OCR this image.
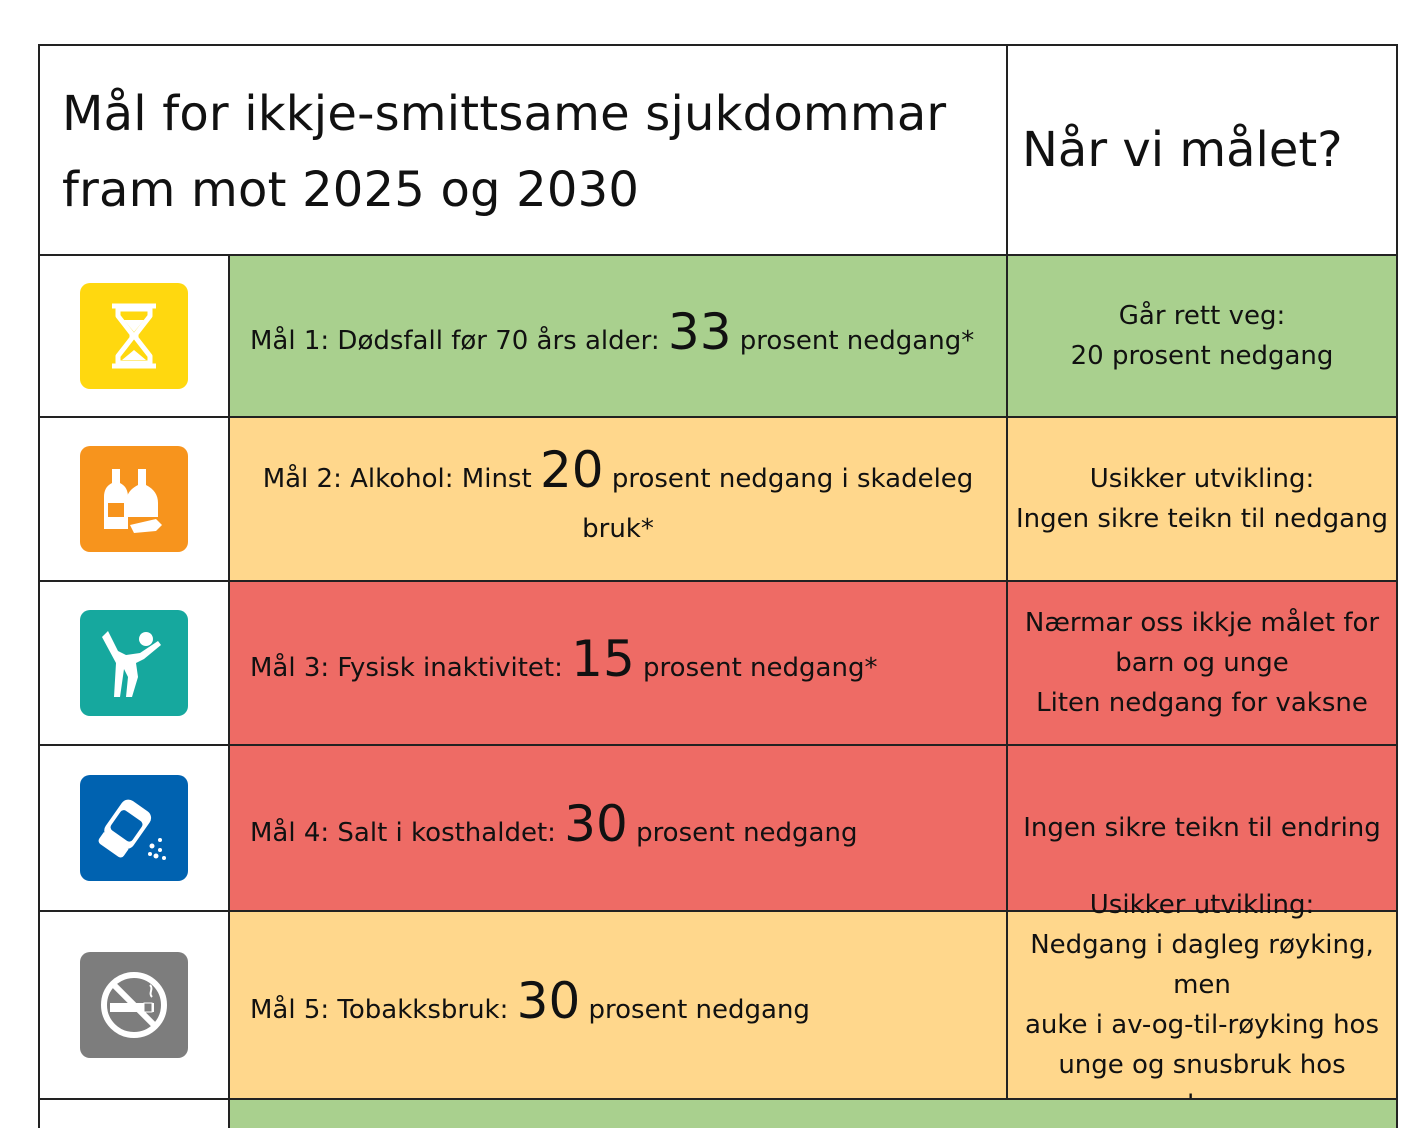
Mål for ikkje-smittsame sjukdommar
fram mot 2025 og 2030
Når vi målet?
Mål 1: Dødsfall før 70 års alder: 33 prosent nedgang*
Går rett veg:
20 prosent nedgang
Mål 2: Alkohol: Minst 20 prosent nedgang i skadeleg
bruk*
Usikker utvikling:
Ingen sikre teikn til nedgang
Mål 3: Fysisk inaktivitet: 15 prosent nedgang*
Nærmar oss ikkje målet for
barn og unge
Liten nedgang for vaksne
Mål 4: Salt i kosthaldet: 30 prosent nedgang	Ingen sikre teikn til endring
Mål 5: Tobakksbruk: 30 prosent nedgang
Usikker utvikling:
Nedgang i dagleg røyking, men
auke i av-og-til-røyking hos
unge og snusbruk hos
